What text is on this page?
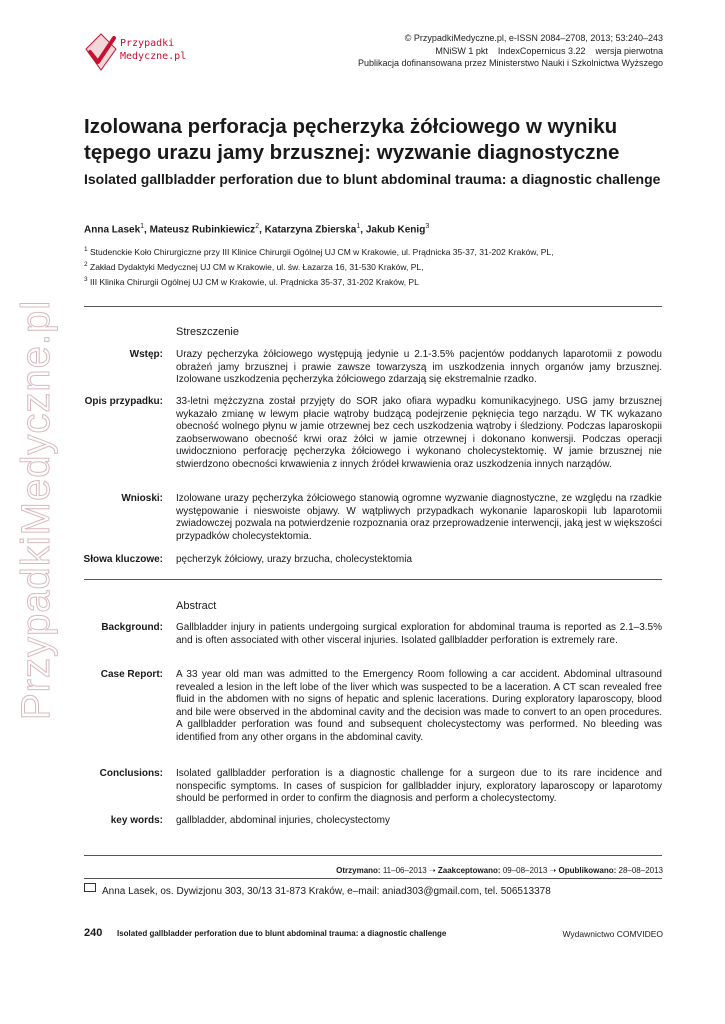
Przypadki
Medyczne.pl
© PrzypadkiMedyczne.pl, e-ISSN 2084–2708, 2013; 53:240–243
MNiSW 1 pkt    IndexCopernicus 3.22    wersja pierwotna
Publikacja dofinansowana przez Ministerstwo Nauki i Szkolnictwa Wyższego
PrzypadkiMedyczne.pl
Izolowana perforacja pęcherzyka żółciowego w wyniku tępego urazu jamy brzusznej: wyzwanie diagnostyczne
Isolated gallbladder perforation due to blunt abdominal trauma: a diagnostic challenge
Anna Lasek$^1$, Mateusz Rubinkiewicz$^2$, Katarzyna Zbierska$^1$, Jakub Kenig$^3$
$^1$ Studenckie Koło Chirurgiczne przy III Klinice Chirurgii Ogólnej UJ CM w Krakowie, ul. Prądnicka 35-37, 31-202 Kraków, PL,
$^2$ Zakład Dydaktyki Medycznej UJ CM w Krakowie, ul. św. Łazarza 16, 31-530 Kraków, PL,
$^3$ III Klinika Chirurgii Ogólnej UJ CM w Krakowie, ul. Prądnicka 35-37, 31-202 Kraków, PL
Streszczenie
Wstęp: Urazy pęcherzyka żółciowego występują jedynie u 2.1-3.5% pacjentów poddanych laparotomii z powodu obrażeń jamy brzusznej i prawie zawsze towarzyszą im uszkodzenia innych organów jamy brzusznej. Izolowane uszkodzenia pęcherzyka żółciowego zdarzają się ekstremalnie rzadko.
Opis przypadku: 33-letni mężczyzna został przyjęty do SOR jako ofiara wypadku komunikacyjnego. USG jamy brzusznej wykazało zmianę w lewym płacie wątroby budzącą podejrzenie pęknięcia tego narządu. W TK wykazano obecność wolnego płynu w jamie otrzewnej bez cech uszkodzenia wątroby i śledziony. Podczas laparoskopii zaobserwowano obecność krwi oraz żółci w jamie otrzewnej i dokonano konwersji. Podczas operacji uwidoczniono perforację pęcherzyka żółciowego i wykonano cholecystektomię. W jamie brzusznej nie stwierdzono obecności krwawienia z innych źródeł krwawienia oraz uszkodzenia innych narządów.
Wnioski: Izolowane urazy pęcherzyka żółciowego stanowią ogromne wyzwanie diagnostyczne, ze względu na rzadkie występowanie i nieswoiste objawy. W wątpliwych przypadkach wykonanie laparoskopii lub laparotomii zwiadowczej pozwala na potwierdzenie rozpoznania oraz przeprowadzenie interwencji, jaką jest w większości przypadków cholecystektomia.
Słowa kluczowe: pęcherzyk żółciowy, urazy brzucha, cholecystektomia
Abstract
Background: Gallbladder injury in patients undergoing surgical exploration for abdominal trauma is reported as 2.1–3.5% and is often associated with other visceral injuries. Isolated gallbladder perforation is extremely rare.
Case Report: A 33 year old man was admitted to the Emergency Room following a car accident. Abdominal ultrasound revealed a lesion in the left lobe of the liver which was suspected to be a laceration. A CT scan revealed free fluid in the abdomen with no signs of hepatic and splenic lacerations. During exploratory laparoscopy, blood and bile were observed in the abdominal cavity and the decision was made to convert to an open procedures. A gallbladder perforation was found and subsequent cholecystectomy was performed. No bleeding was identified from any other organs in the abdominal cavity.
Conclusions: Isolated gallbladder perforation is a diagnostic challenge for a surgeon due to its rare incidence and nonspecific symptoms. In cases of suspicion for gallbladder injury, exploratory laparoscopy or laparotomy should be performed in order to confirm the diagnosis and perform a cholecystectomy.
key words: gallbladder, abdominal injuries, cholecystectomy
Otrzymano: 11–06–2013 ➝ Zaakceptowano: 09–08–2013 ➝ Opublikowano: 28–08–2013
Anna Lasek, os. Dywizjonu 303, 30/13 31-873 Kraków, e–mail: aniad303@gmail.com, tel. 506513378
240 Isolated gallbladder perforation due to blunt abdominal trauma: a diagnostic challenge	Wydawnictwo COMVIDEO
